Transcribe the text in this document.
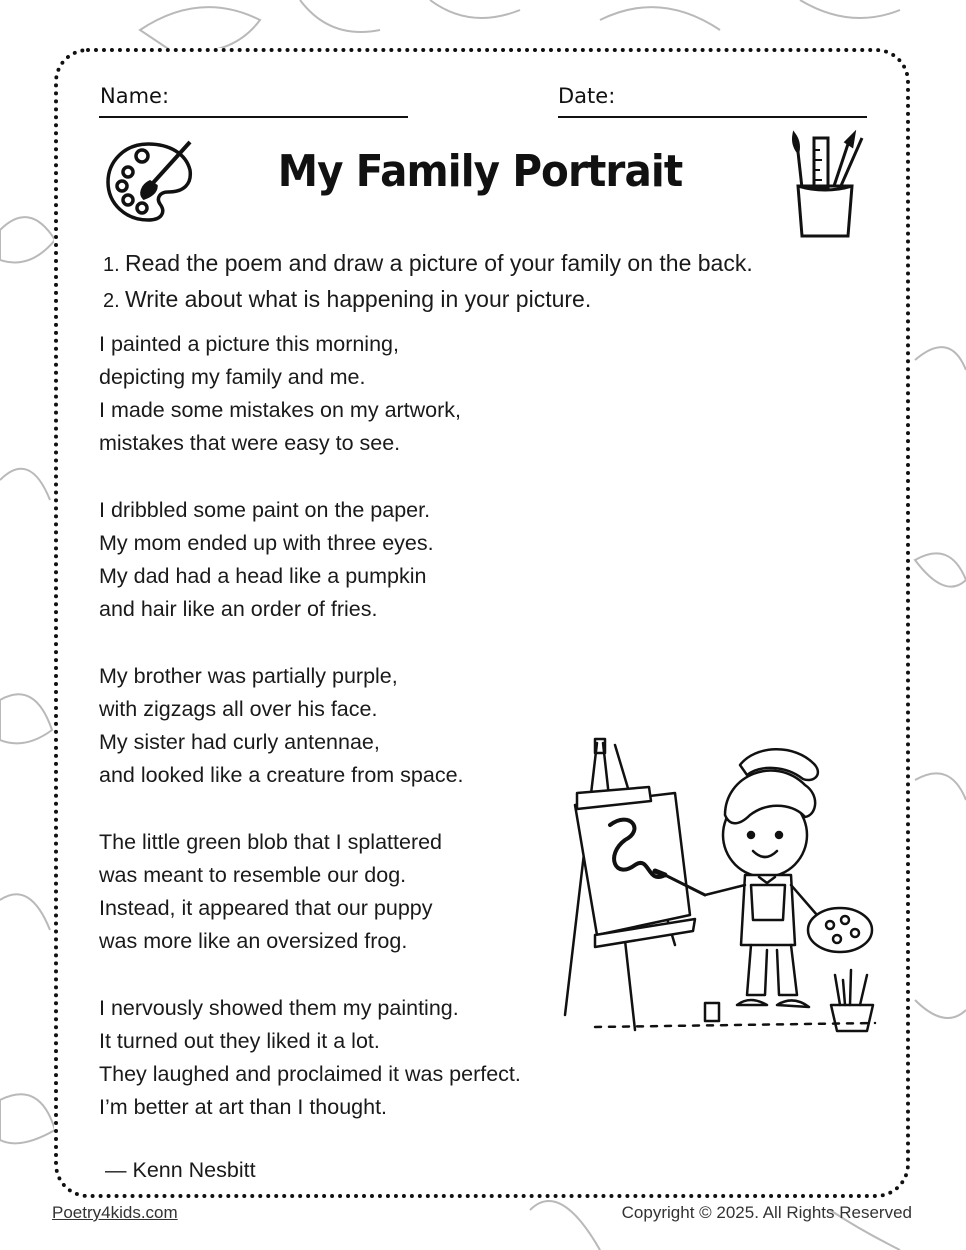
Name:	Date:
My Family Portrait
1. Read the poem and draw a picture of your family on the back.
2. Write about what is happening in your picture.
I painted a picture this morning,
depicting my family and me.
I made some mistakes on my artwork,
mistakes that were easy to see.
I dribbled some paint on the paper.
My mom ended up with three eyes.
My dad had a head like a pumpkin
and hair like an order of fries.
My brother was partially purple,
with zigzags all over his face.
My sister had curly antennae,
and looked like a creature from space.
The little green blob that I splattered
was meant to resemble our dog.
Instead, it appeared that our puppy
was more like an oversized frog.
I nervously showed them my painting.
It turned out they liked it a lot.
They laughed and proclaimed it was perfect.
I’m better at art than I thought.
— Kenn Nesbitt
Poetry4kids.com	Copyright © 2025. All Rights Reserved
